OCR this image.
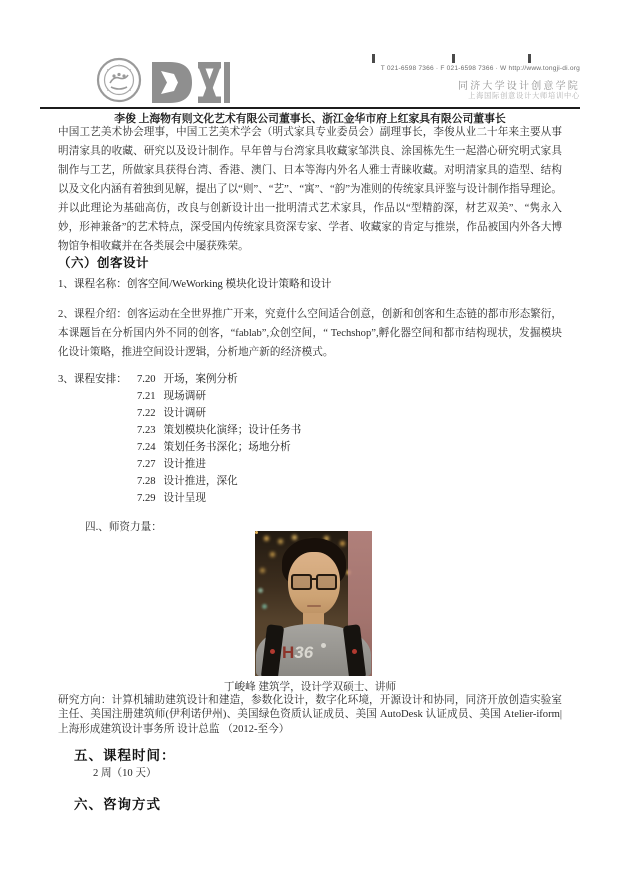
T 021-6598 7366 · F 021-6598 7366 · W http://www.tongji-di.org
同济大学设计创意学院
上海国际创意设计大师培训中心
李俊 上海物有则文化艺术有限公司董事长、浙江金华市府上红家具有限公司董事长
中国工艺美术协会理事，中国工艺美术学会（明式家具专业委员会）副理事长，李俊从业二十年来主要从事明清家具的收藏、研究以及设计制作。早年曾与台湾家具收藏家邹洪良、涂国栋先生一起潜心研究明式家具制作与工艺，所做家具获得台湾、香港、澳门、日本等海内外名人雅士青睐收藏。对明清家具的造型、结构以及文化内涵有着独到见解，提出了以“则”、“艺”、“寓”、“韵”为准则的传统家具评鉴与设计制作指导理论。并以此理论为基础高仿，改良与创新设计出一批明清式艺术家具，作品以“型精韵深，材艺双美”、“隽永入妙，形神兼备”的艺术特点，深受国内传统家具资深专家、学者、收藏家的肯定与推崇，作品被国内外各大博物馆争相收藏并在各类展会中屡获殊荣。
（六）创客设计
1、课程名称：创客空间/WeWorking 模块化设计策略和设计
2、课程介绍：创客运动在全世界推广开来，究竟什么空间适合创意，创新和创客和生态链的都市形态繁衍，本课题旨在分析国内外不同的创客，“fablab”,众创空间，“ Techshop”,孵化器空间和都市结构现状，发掘模块化设计策略，推进空间设计逻辑，分析地产新的经济模式。
3、课程安排： 7.20 开场，案例分析
7.21 现场调研
7.22 设计调研
7.23 策划模块化演绎；设计任务书
7.24 策划任务书深化；场地分析
7.27 设计推进
7.28 设计推进，深化
7.29 设计呈现
四.、师资力量：
H36
丁峻峰 建筑学，设计学双硕士、讲师
研究方向：计算机辅助建筑设计和建造，参数化设计，数字化环境，开源设计和协同，同济开放创造实验室主任、美国注册建筑师(伊利诺伊州)、美国绿色资质认证成员、美国 AutoDesk 认证成员、美国 Atelier-iform|上海形成建筑设计事务所 设计总监 （2012-至今）
五、课程时间：
2 周（10 天）
六、咨询方式
